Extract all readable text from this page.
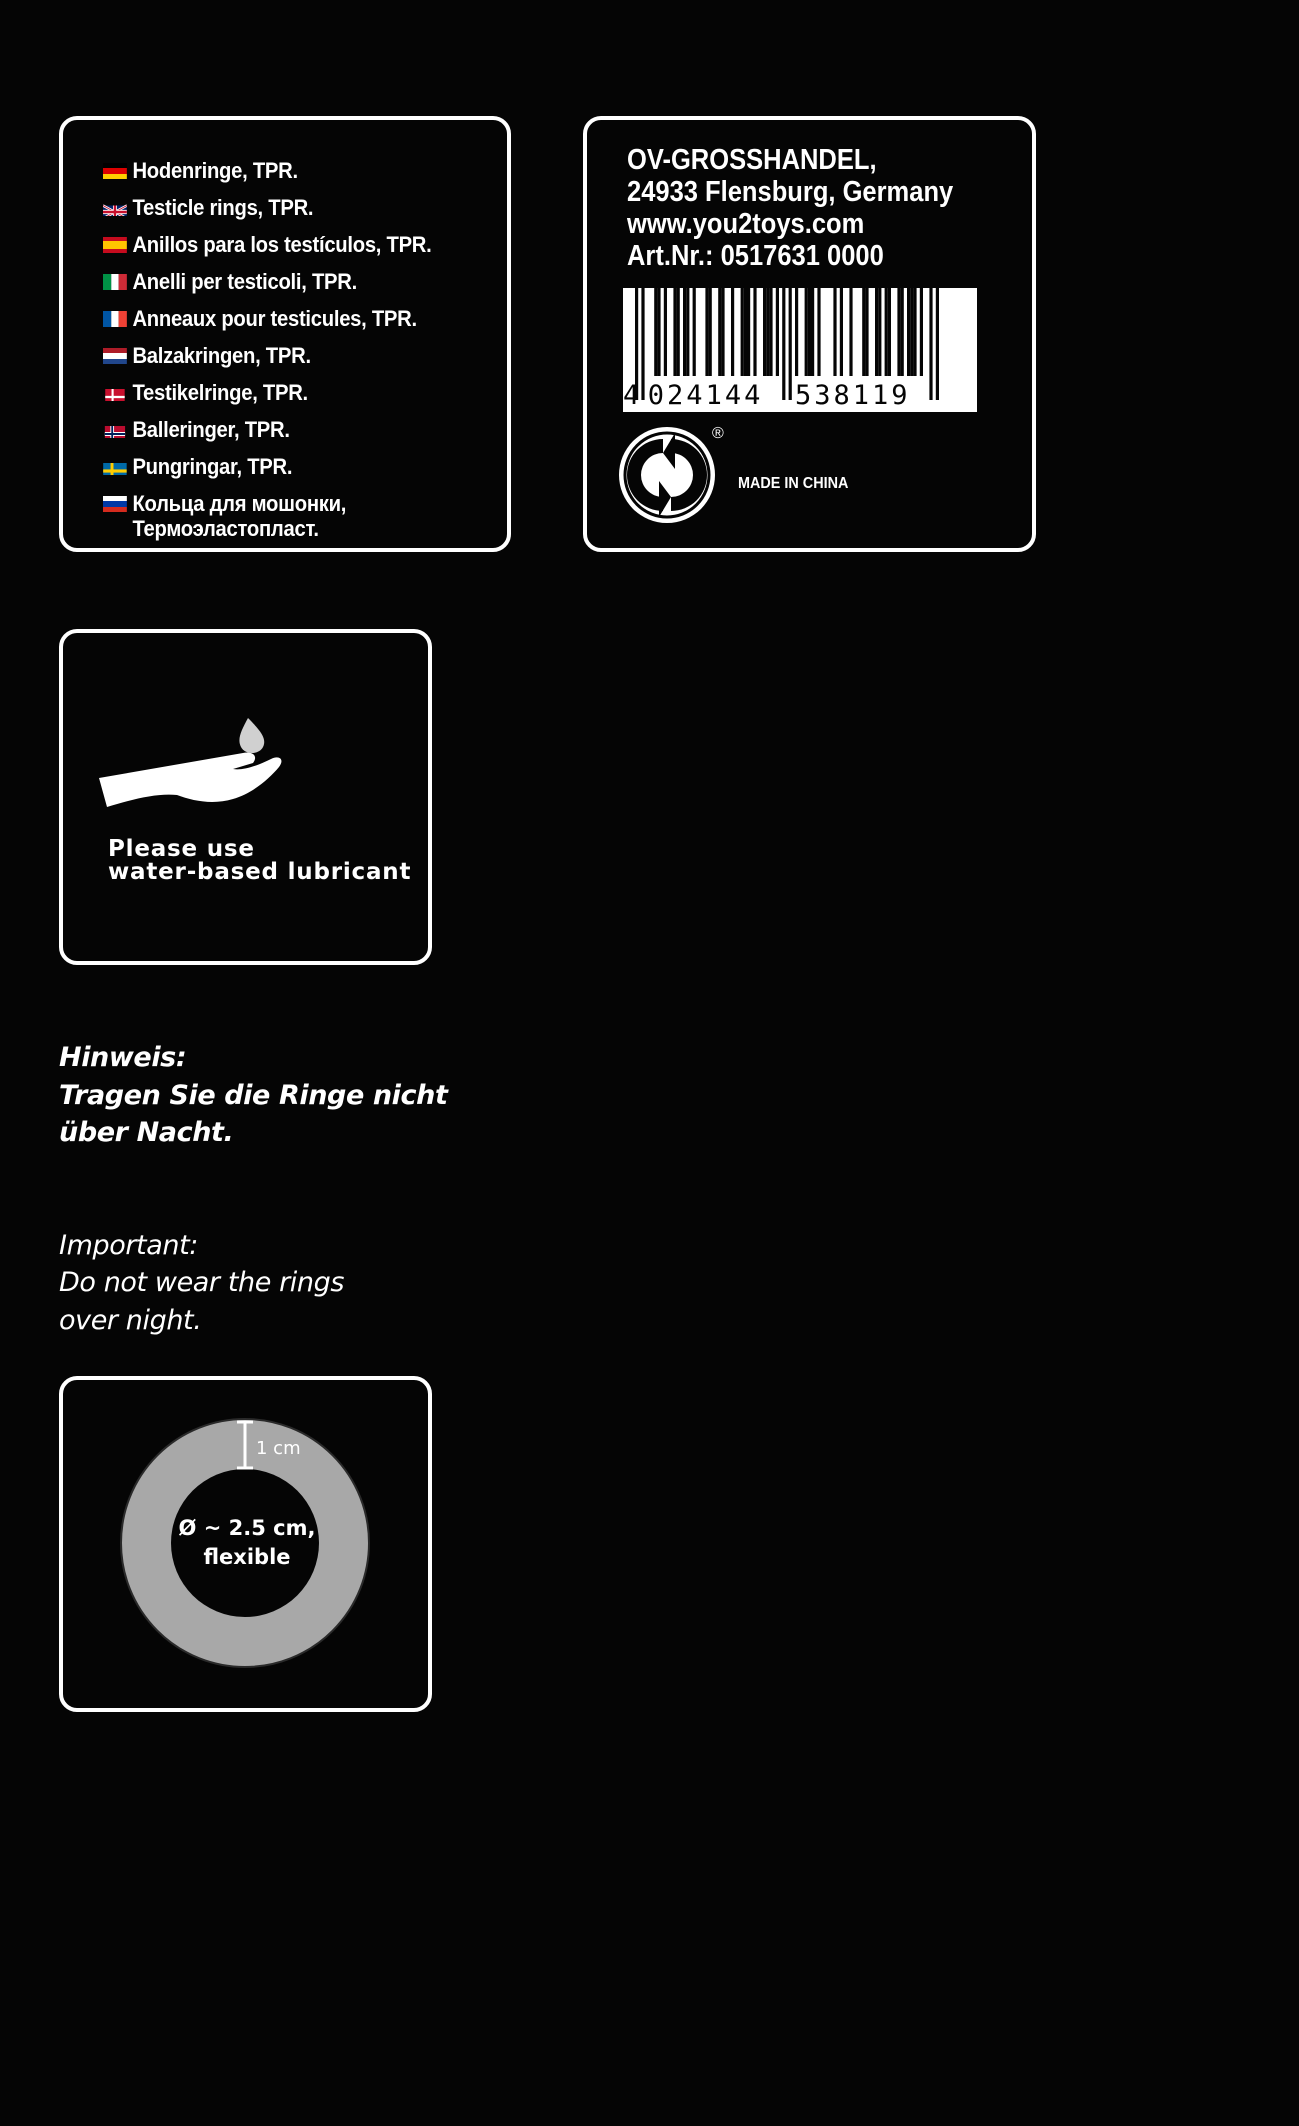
Hodenringe, TPR.
Testicle rings, TPR.
Anillos para los testículos, TPR.
Anelli per testicoli, TPR.
Anneaux pour testicules, TPR.
Balzakringen, TPR.
Testikelringe, TPR.
Balleringer, TPR.
Pungringar, TPR.
Кольца для мошонки,
Термоэластопласт.
OV-GROSSHANDEL,
24933 Flensburg, Germany
www.you2toys.com
Art.Nr.: 0517631 0000
4 024144 538119
®
MADE IN CHINA
Please use
water-based lubricant

Hinweis:
Tragen Sie die Ringe nicht
über Nacht.

Important:
Do not wear the rings
over night.

1 cm
Ø ~ 2.5 cm,
flexible
